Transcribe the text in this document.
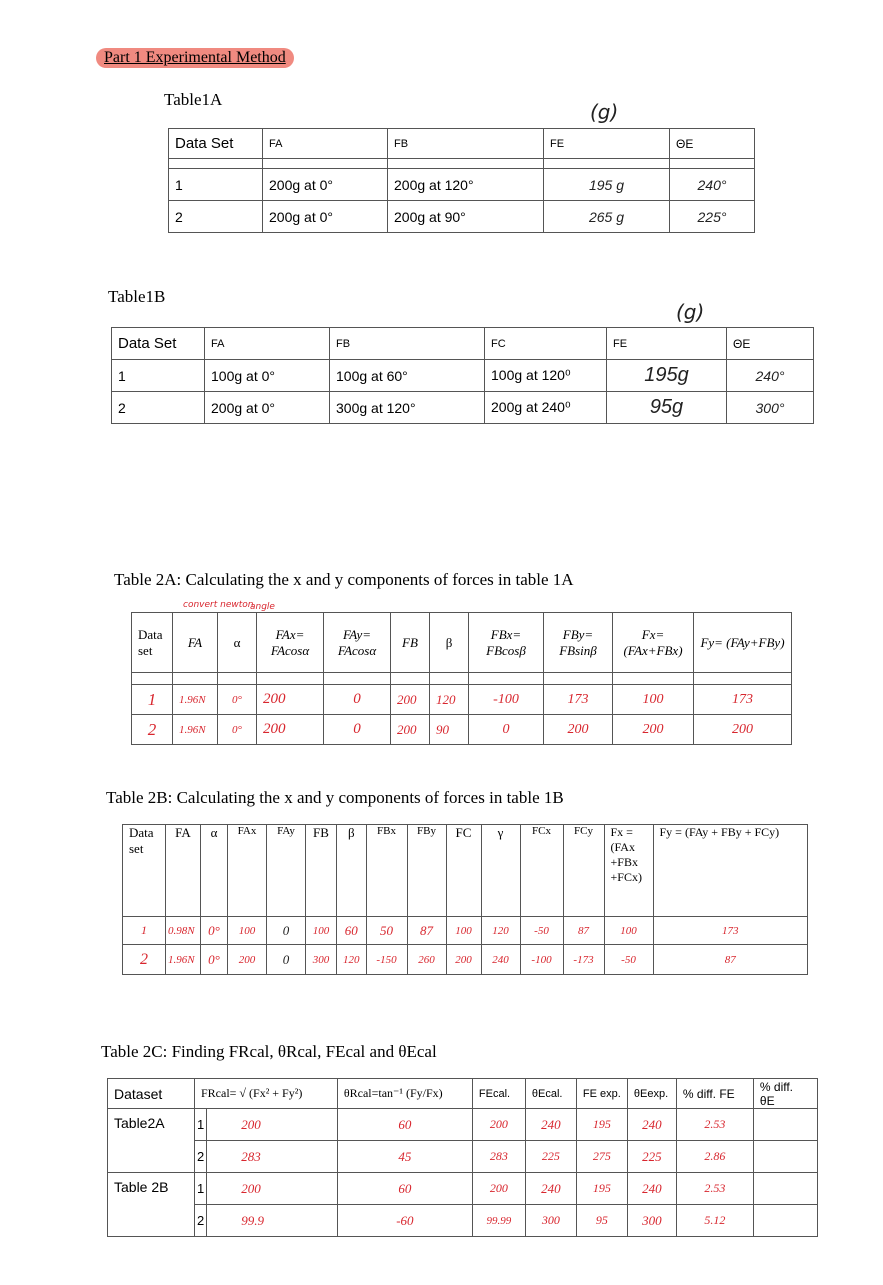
Part 1 Experimental Method
Table1A
(g)
Data Set	FA	FB	FE	ΘE

1	200g at 0°	200g at 120°	195 g	240°
2	200g at 0°	200g at 90°	265 g	225°
Table1B
(g)
Data Set	FA	FB	FC	FE	ΘE
1	100g at 0°	100g at 60°	100g at 120⁰	195g	240°
2	200g at 0°	300g at 120°	200g at 240⁰	95g	300°
Table 2A: Calculating the x and y components of forces in table 1A
convert newton
angle
Data set	FA	α	FAx= FAcosα	FAy= FAcosα	FB	β	FBx= FBcosβ	FBy= FBsinβ	Fx= (FAx+FBx)	Fy= (FAy+FBy)

1	1.96N	0°	200	0	200	120	-100	173	100	173
2	1.96N	0°	200	0	200	90	0	200	200	200
Table 2B: Calculating the x and y components of forces in table 1B
Data set	FA	α	FAx	FAy	FB	β	FBx	FBy	FC	γ	FCx	FCy	Fx = (FAx +FBx +FCx)	Fy = (FAy + FBy + FCy)
1	0.98N	0°	100	0	100	60	50	87	100	120	-50	87	100	173
2	1.96N	0°	200	0	300	120	-150	260	200	240	-100	-173	-50	87
Table 2C: Finding FRcal, θRcal, FEcal and θEcal
Dataset	FRcal= √ (Fx² + Fy²)		θRcal=tan⁻¹ (Fy/Fx)	FEcal.	θEcal.	FE exp.	θEexp.	% diff. FE	% diff. θE
Table2A	1	200	60	200	240	195	240	2.53	
	2	283	45	283	225	275	225	2.86	
Table 2B	1	200	60	200	240	195	240	2.53	
	2	99.9	-60	99.99	300	95	300	5.12	
